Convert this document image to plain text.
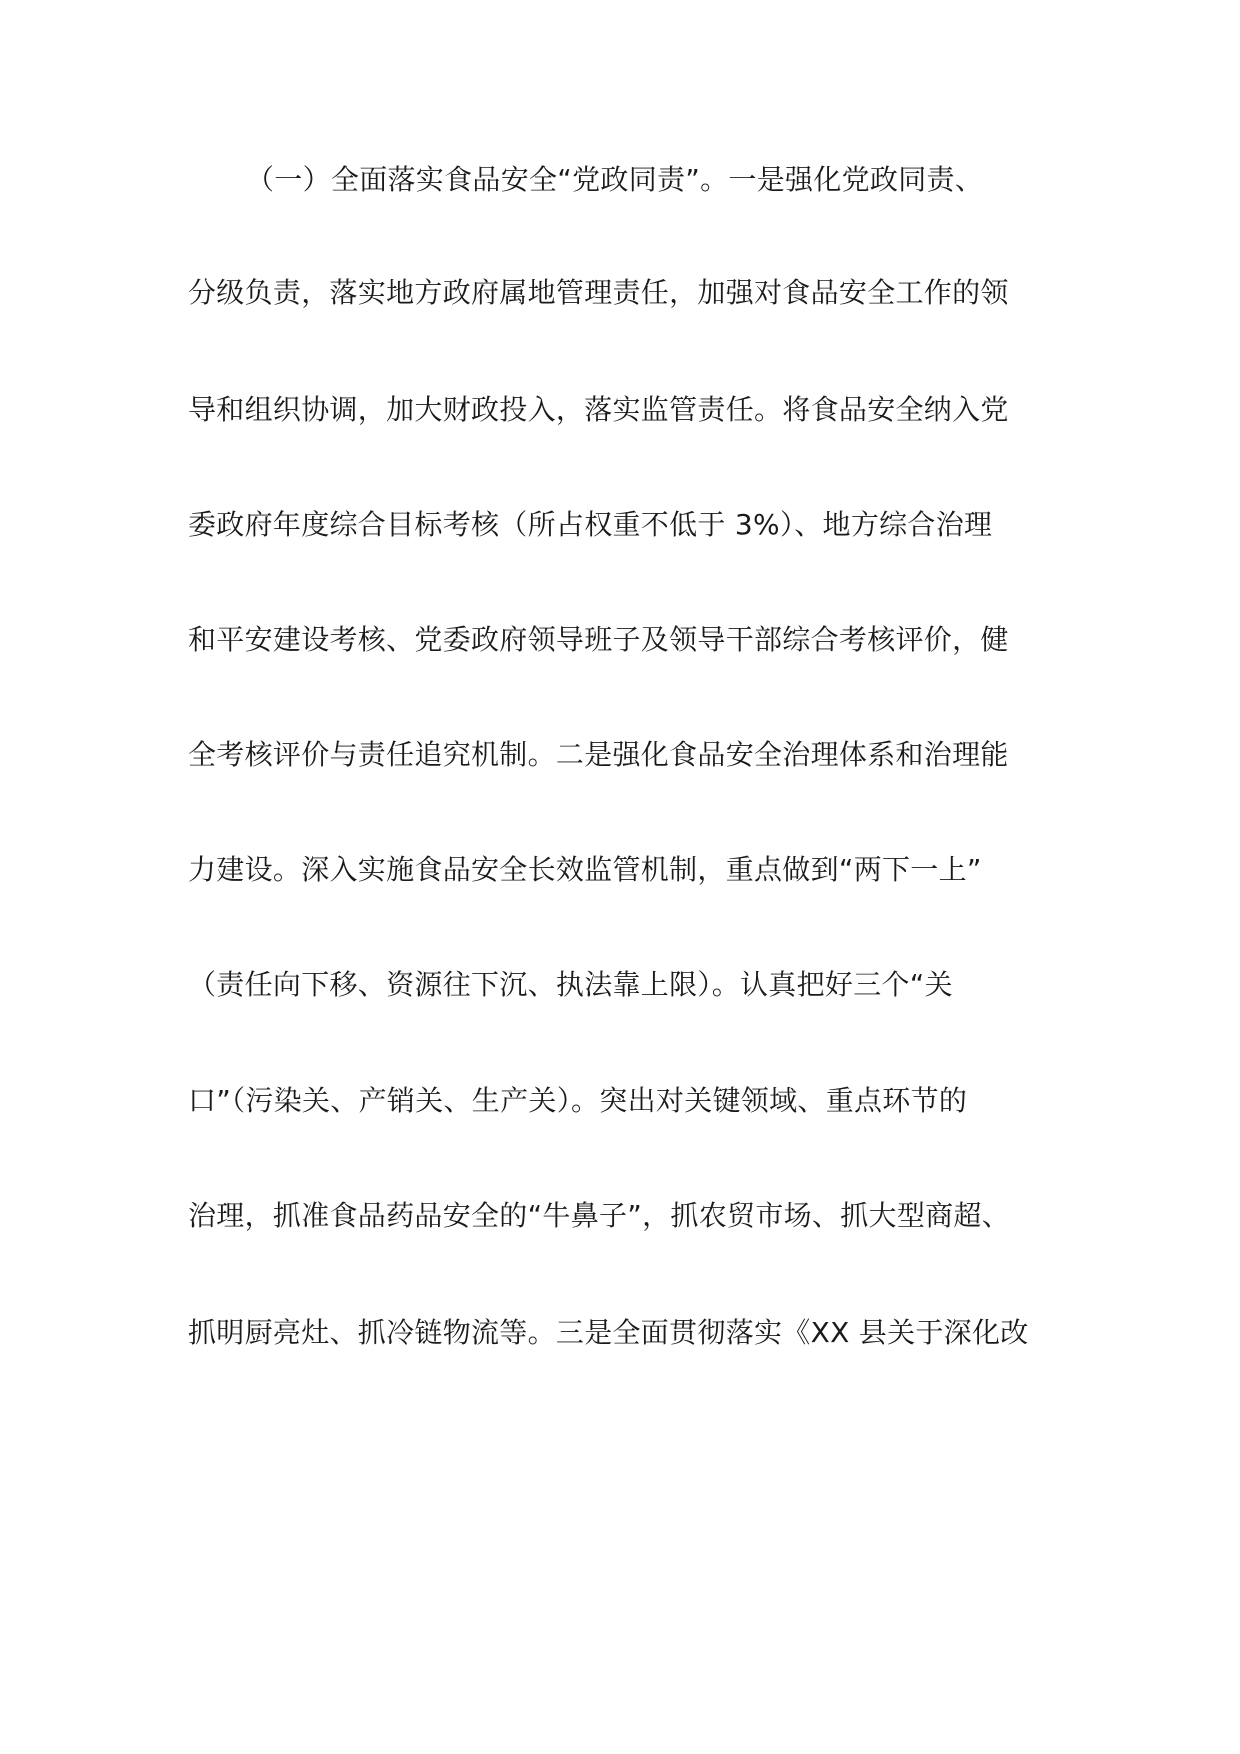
（一）全面落实食品安全“党政同责”。一是强化党政同责、
分级负责，落实地方政府属地管理责任，加强对食品安全工作的领
导和组织协调，加大财政投入，落实监管责任。将食品安全纳入党
委政府年度综合目标考核（所占权重不低于 3%）、地方综合治理
和平安建设考核、党委政府领导班子及领导干部综合考核评价，健
全考核评价与责任追究机制。二是强化食品安全治理体系和治理能
力建设。深入实施食品安全长效监管机制，重点做到“两下一上”
（责任向下移、资源往下沉、执法靠上限）。认真把好三个“关
口”（污染关、产销关、生产关）。突出对关键领域、重点环节的
治理，抓准食品药品安全的“牛鼻子”，抓农贸市场、抓大型商超、
抓明厨亮灶、抓冷链物流等。三是全面贯彻落实《XX 县关于深化改
